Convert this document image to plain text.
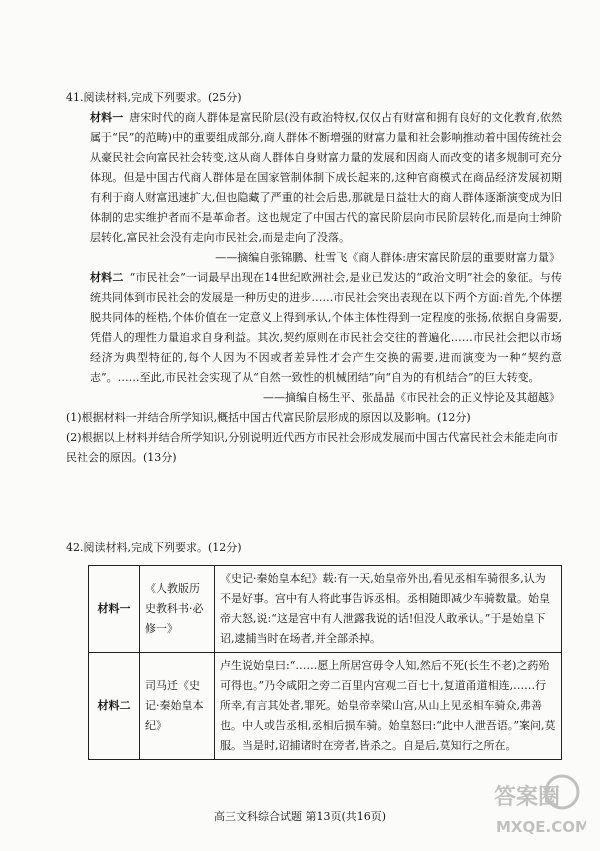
41.阅读材料,完成下列要求。(25分)

材料一 唐宋时代的商人群体是富民阶层(没有政治特权,仅仅占有财富和拥有良好的文化教育,依然属于“民”的范畴)中的重要组成部分,商人群体不断增强的财富力量和社会影响推动着中国传统社会从豪民社会向富民社会转变,这从商人群体自身财富力量的发展和因商人而改变的诸多规制可充分体现。但是中国古代商人群体是在国家管制体制下成长起来的,这种官商模式在商品经济发展初期有利于商人财富迅速扩大,但也隐藏了严重的社会后患,那就是日益壮大的商人群体逐渐演变成为旧体制的忠实维护者而不是革命者。这也规定了中国古代的富民阶层向市民阶层转化,而是向士绅阶层转化,富民社会没有走向市民社会,而是走向了没落。

——摘编自张锦鹏、杜雪飞《商人群体:唐宋富民阶层的重要财富力量》

材料二 “市民社会”一词最早出现在14世纪欧洲社会,是业已发达的“政治文明”社会的象征。与传统共同体到市民社会的发展是一种历史的进步……市民社会突出表现在以下两个方面:首先,个体摆脱共同体的桎梏,个体价值在一定意义上得到承认,个体主体性得到一定程度的张扬,依据自身需要,凭借人的理性力量追求自身利益。其次,契约原则在市民社会交往的普遍化……市民社会把以市场经济为典型特征的,每个人因为不因或者差异性才会产生交换的需要,进而演变为一种“契约意志”。……至此,市民社会实现了从“自然一致性的机械团结”向“自为的有机结合”的巨大转变。

——摘编自杨生平、张晶晶《市民社会的正义悖论及其超越》

(1)根据材料一并结合所学知识,概括中国古代富民阶层形成的原因以及影响。(12分)

(2)根据以上材料并结合所学知识,分别说明近代西方市民社会形成发展而中国古代富民社会未能走向市民社会的原因。(13分)

42.阅读材料,完成下列要求。(12分)

材料一	《人教版历史教科书·必修一》	《史记·秦始皇本纪》载:有一天,始皇帝外出,看见丞相车骑很多,认为不是好事。宫中有人将此事告诉丞相。丞相随即减少车骑数量。始皇帝大怒,说:“这是宫中有人泄露我说的话!但没人敢承认。”于是始皇下诏,逮捕当时在场者,并全部杀掉。
材料二	司马迁《史记·秦始皇本纪》	卢生说始皇曰:“……愿上所居宫毋令人知,然后不死(长生不老)之药殆可得也。”乃令咸阳之旁二百里内宫观二百七十,复道甬道相连,……行所幸,有言其处者,罪死。始皇帝幸梁山宫,从山上见丞相车骑众,弗善也。中人或告丞相,丞相后损车骑。始皇怒曰:“此中人泄吾语。”案问,莫服。当是时,诏捕诸时在旁者,皆杀之。自是后,莫知行之所在。
高三文科综合试题 第13页(共16页)
答案圈
MXQE.COM
